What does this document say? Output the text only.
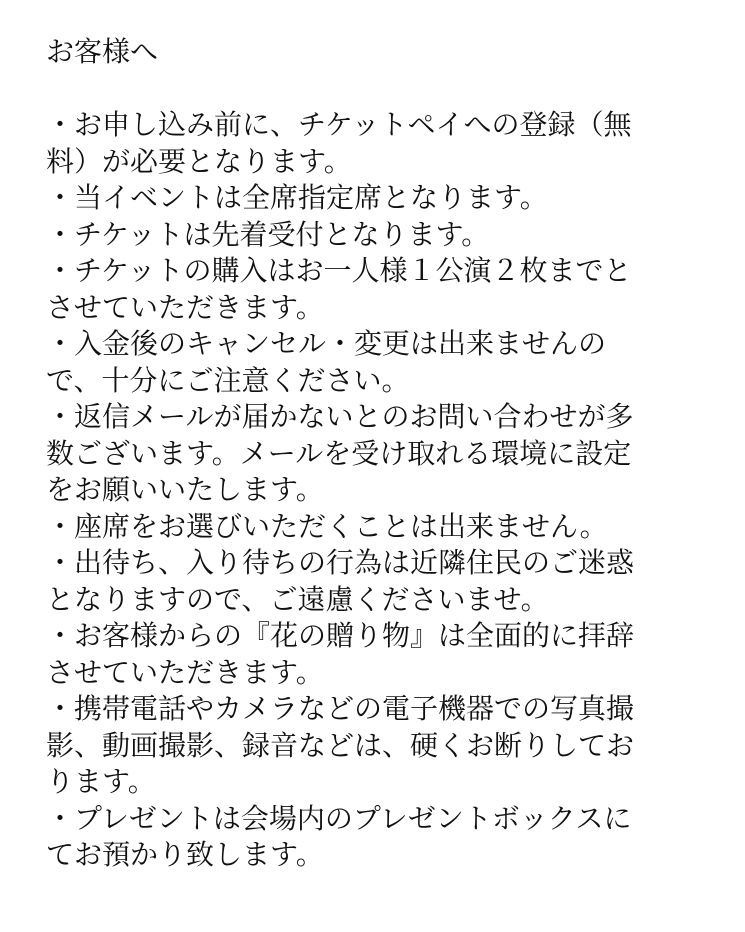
お客様へ
・お申し込み前に、チケットペイへの登録（無
料）が必要となります。
・当イベントは全席指定席となります。
・チケットは先着受付となります。
・チケットの購入はお一人様１公演２枚までと
させていただきます。
・入金後のキャンセル・変更は出来ませんの
で、十分にご注意ください。
・返信メールが届かないとのお問い合わせが多
数ございます。メールを受け取れる環境に設定
をお願いいたします。
・座席をお選びいただくことは出来ません。
・出待ち、入り待ちの行為は近隣住民のご迷惑
となりますので、ご遠慮くださいませ。
・お客様からの『花の贈り物』は全面的に拝辞
させていただきます。
・携帯電話やカメラなどの電子機器での写真撮
影、動画撮影、録音などは、硬くお断りしてお
ります。
・プレゼントは会場内のプレゼントボックスに
てお預かり致します。
